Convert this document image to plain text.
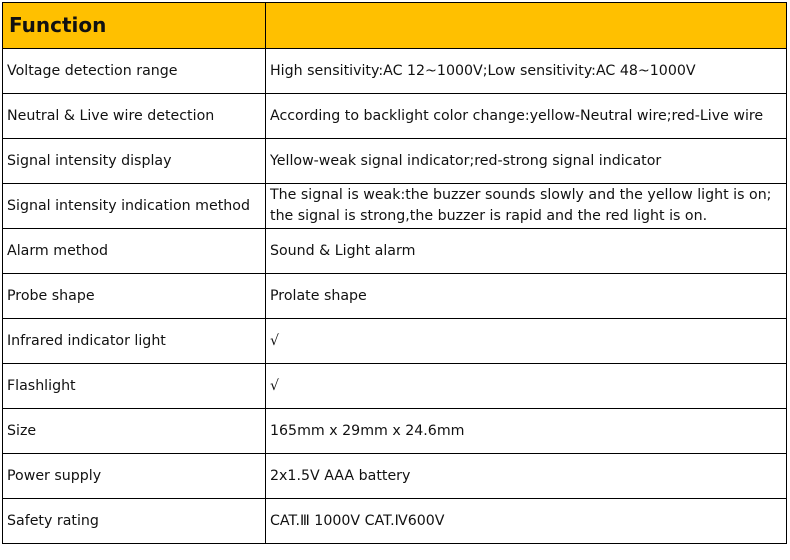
Function	
Voltage detection range	High sensitivity:AC 12~1000V;Low sensitivity:AC 48~1000V
Neutral & Live wire detection	According to backlight color change:yellow-Neutral wire;red-Live wire
Signal intensity display	Yellow-weak signal indicator;red-strong signal indicator
Signal intensity indication method	The signal is weak:the buzzer sounds slowly and the yellow light is on; the signal is strong,the buzzer is rapid and the red light is on.
Alarm method	Sound & Light alarm
Probe shape	Prolate shape
Infrared indicator light	√
Flashlight	√
Size	165mm x 29mm x 24.6mm
Power supply	2x1.5V AAA battery
Safety rating	CAT.Ⅲ 1000V CAT.Ⅳ600V
